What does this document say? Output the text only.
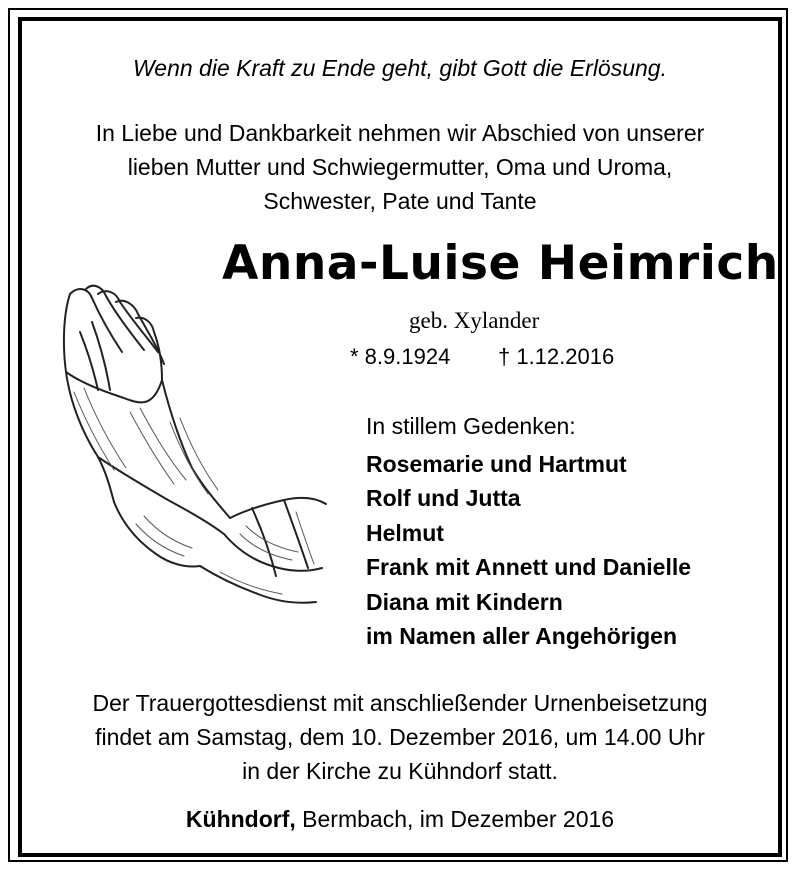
Wenn die Kraft zu Ende geht, gibt Gott die Erlösung.
In Liebe und Dankbarkeit nehmen wir Abschied von unserer
lieben Mutter und Schwiegermutter, Oma und Uroma,
Schwester, Pate und Tante
Anna-Luise Heimrich
geb. Xylander
* 8.9.1924 † 1.12.2016
In stillem Gedenken:
Rosemarie und Hartmut
Rolf und Jutta
Helmut
Frank mit Annett und Danielle
Diana mit Kindern
im Namen aller Angehörigen
Der Trauergottesdienst mit anschließender Urnenbeisetzung
findet am Samstag, dem 10. Dezember 2016, um 14.00 Uhr
in der Kirche zu Kühndorf statt.
Kühndorf, Bermbach, im Dezember 2016
